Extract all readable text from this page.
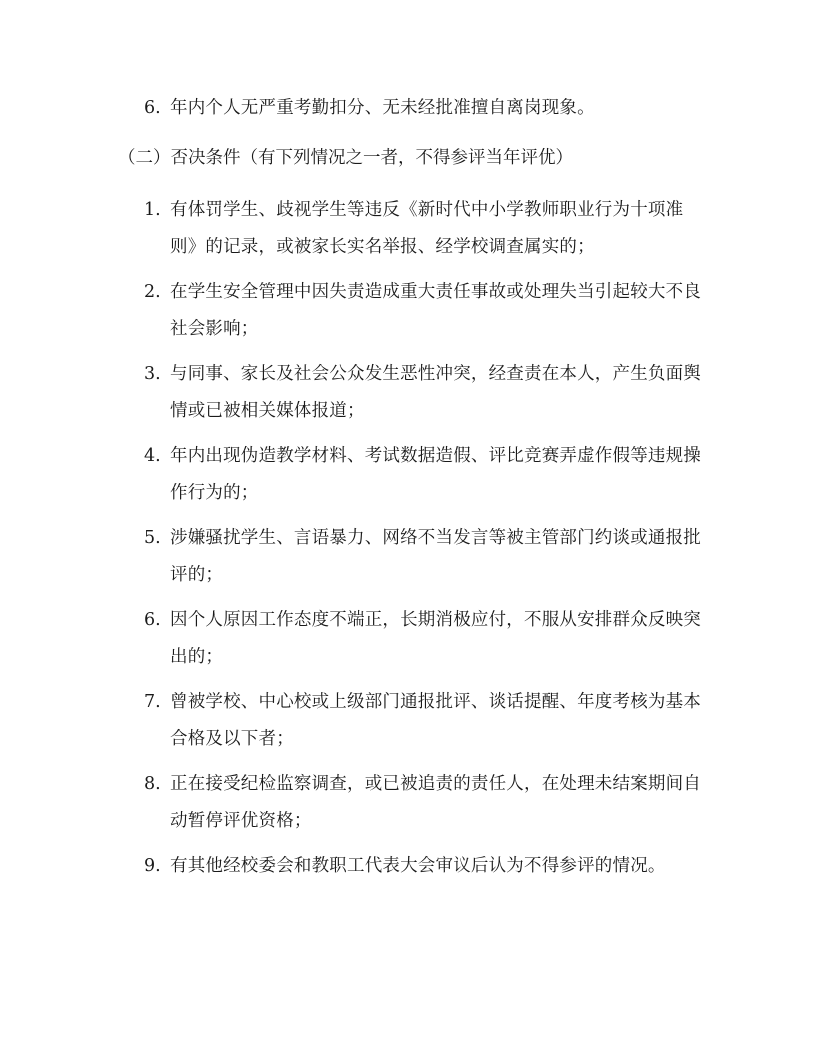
6. 年内个人无严重考勤扣分、无未经批准擅自离岗现象。
（二）否决条件（有下列情况之一者，不得参评当年评优）
1. 有体罚学生、歧视学生等违反《新时代中小学教师职业行为十项准则》的记录，或被家长实名举报、经学校调查属实的；
2. 在学生安全管理中因失责造成重大责任事故或处理失当引起较大不良社会影响；
3. 与同事、家长及社会公众发生恶性冲突，经查责在本人，产生负面舆情或已被相关媒体报道；
4. 年内出现伪造教学材料、考试数据造假、评比竞赛弄虚作假等违规操作行为的；
5. 涉嫌骚扰学生、言语暴力、网络不当发言等被主管部门约谈或通报批评的；
6. 因个人原因工作态度不端正，长期消极应付，不服从安排群众反映突出的；
7. 曾被学校、中心校或上级部门通报批评、谈话提醒、年度考核为基本合格及以下者；
8. 正在接受纪检监察调查，或已被追责的责任人，在处理未结案期间自动暂停评优资格；
9. 有其他经校委会和教职工代表大会审议后认为不得参评的情况。
